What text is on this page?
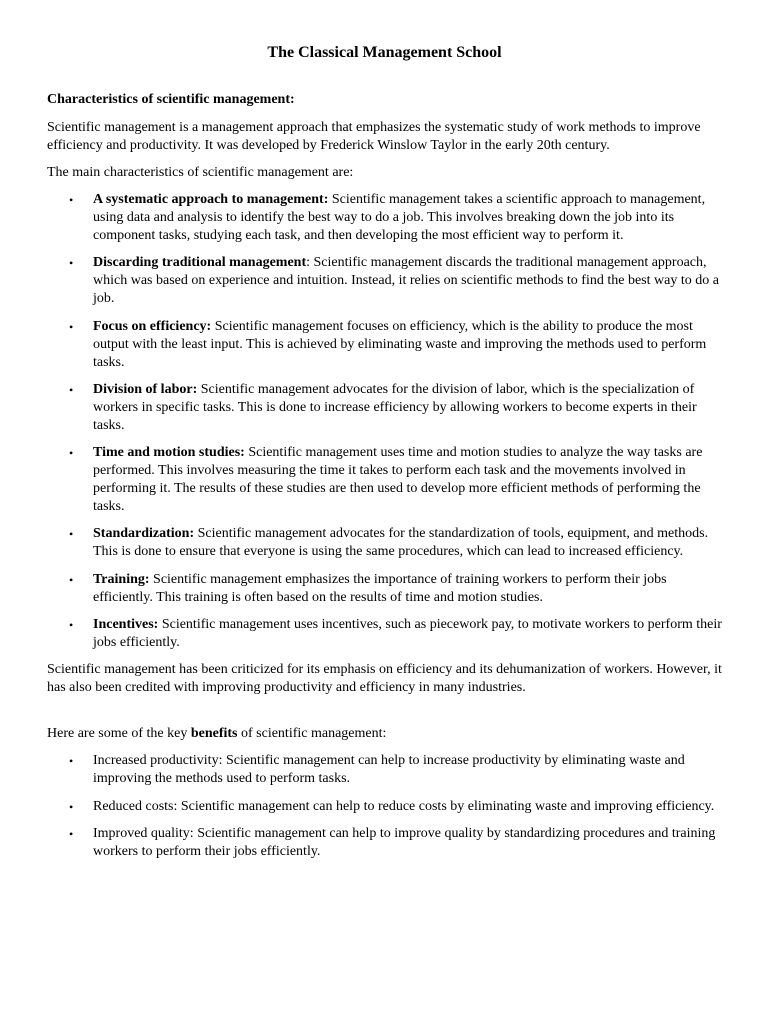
The Classical Management School
Characteristics of scientific management:

Scientific management is a management approach that emphasizes the systematic study of work methods to improve efficiency and productivity. It was developed by Frederick Winslow Taylor in the early 20th century.

The main characteristics of scientific management are:

• A systematic approach to management: Scientific management takes a scientific approach to management, using data and analysis to identify the best way to do a job. This involves breaking down the job into its component tasks, studying each task, and then developing the most efficient way to perform it.
• Discarding traditional management: Scientific management discards the traditional management approach, which was based on experience and intuition. Instead, it relies on scientific methods to find the best way to do a job.
• Focus on efficiency: Scientific management focuses on efficiency, which is the ability to produce the most output with the least input. This is achieved by eliminating waste and improving the methods used to perform tasks.
• Division of labor: Scientific management advocates for the division of labor, which is the specialization of workers in specific tasks. This is done to increase efficiency by allowing workers to become experts in their tasks.
• Time and motion studies: Scientific management uses time and motion studies to analyze the way tasks are performed. This involves measuring the time it takes to perform each task and the movements involved in performing it. The results of these studies are then used to develop more efficient methods of performing the tasks.
• Standardization: Scientific management advocates for the standardization of tools, equipment, and methods. This is done to ensure that everyone is using the same procedures, which can lead to increased efficiency.
• Training: Scientific management emphasizes the importance of training workers to perform their jobs efficiently. This training is often based on the results of time and motion studies.
• Incentives: Scientific management uses incentives, such as piecework pay, to motivate workers to perform their jobs efficiently.

Scientific management has been criticized for its emphasis on efficiency and its dehumanization of workers. However, it has also been credited with improving productivity and efficiency in many industries.

Here are some of the key benefits of scientific management:

• Increased productivity: Scientific management can help to increase productivity by eliminating waste and improving the methods used to perform tasks.
• Reduced costs: Scientific management can help to reduce costs by eliminating waste and improving efficiency.
• Improved quality: Scientific management can help to improve quality by standardizing procedures and training workers to perform their jobs efficiently.
